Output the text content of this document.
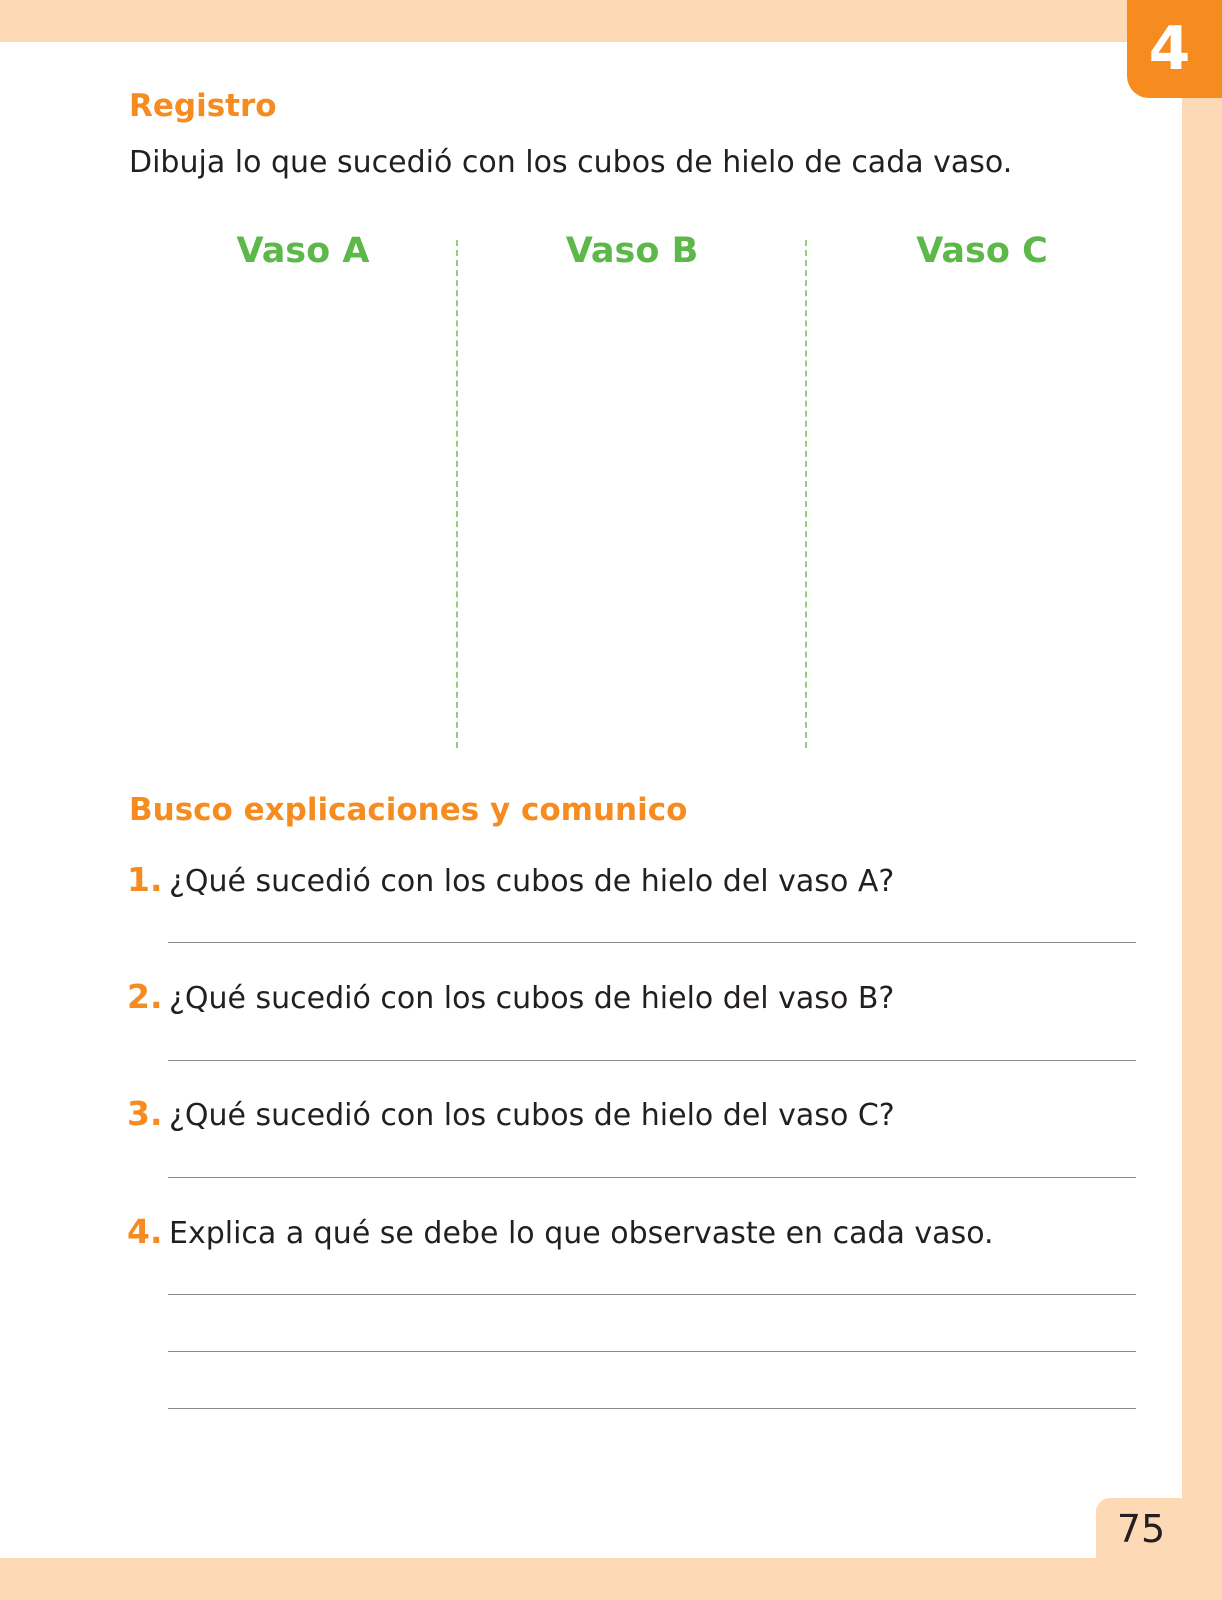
4
Registro
Dibuja lo que sucedió con los cubos de hielo de cada vaso.
Vaso A	Vaso B	Vaso C
Busco explicaciones y comunico
1. ¿Qué sucedió con los cubos de hielo del vaso A?
2. ¿Qué sucedió con los cubos de hielo del vaso B?
3. ¿Qué sucedió con los cubos de hielo del vaso C?
4. Explica a qué se debe lo que observaste en cada vaso.
75
